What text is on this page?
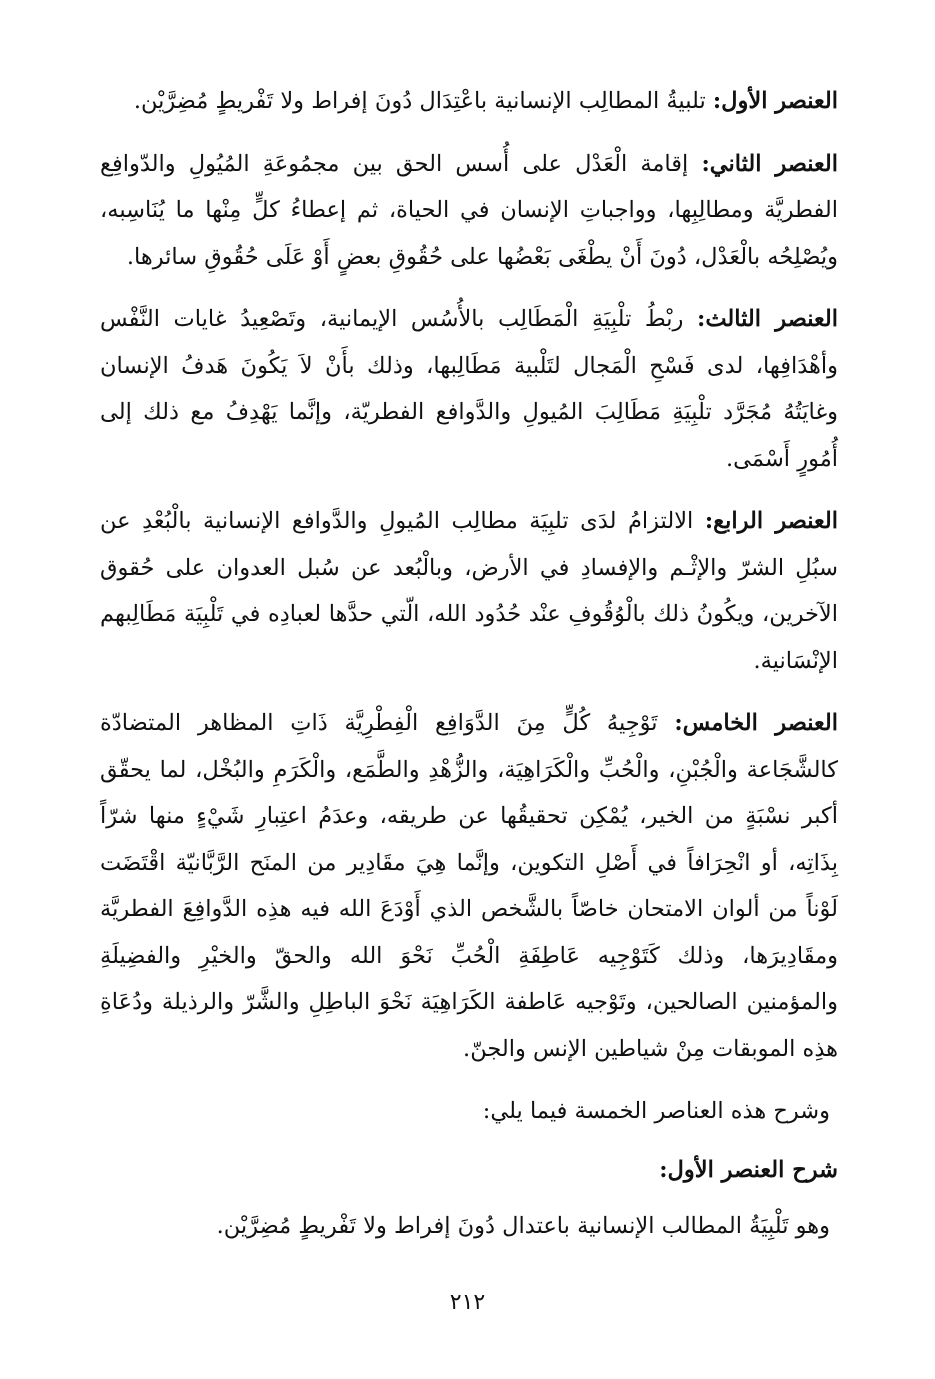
العنصر الأول: تلبيةُ المطالِب الإنسانية باعْتِدَال دُونَ إفراط ولا تَفْريطٍ مُضِرَّيْن.

العنصر الثاني: إقامة الْعَدْل على أُسس الحق بين مجمُوعَةِ المُيُولِ والدّوافِع الفطريَّة ومطالِبِها، وواجباتِ الإنسان في الحياة، ثم إعطاءُ كلٍّ مِنْها ما يُنَاسِبه، ويُصْلِحُه بالْعَدْل، دُونَ أَنْ يطْغَى بَعْضُها على حُقُوقِ بعضٍ أَوْ عَلَى حُقُوقِ سائرها.

العنصر الثالث: ربْطُ تلْبِيَةِ الْمَطَالِب بالأُسُس الإيمانية، وتَصْعِيدُ غايات النَّفْس وأهْدَافِها، لدى فَسْحِ الْمَجال لتَلْبية مَطَالِبها، وذلك بأَنْ لاَ يَكُونَ هَدفُ الإنسان وغايَتُهُ مُجَرَّد تلْبِيَةِ مَطَالِبَ المُيولِ والدَّوافع الفطريّة، وإنَّما يَهْدِفُ مع ذلك إلى أُمُورٍ أَسْمَى.

العنصر الرابع: الالتزامُ لدَى تلبِيَة مطالِب المُيولِ والدَّوافع الإنسانية بالْبُعْدِ عن سبُلِ الشرّ والإثْـم والإفسادِ في الأرض، وبالْبُعد عن سُبل العدوان على حُقوق الآخرين، ويكُونُ ذلك بالْوُقُوفِ عنْد حُدُود الله، الّتي حدَّها لعبادِه في تَلْبِيَة مَطَالِبهم الإنْسَانية.

العنصر الخامس: تَوْجِيهُ كُلٍّ مِنَ الدَّوَافِع الْفِطْرِيَّة ذَاتِ المظاهر المتضادّة كالشَّجَاعة والْجُبْنِ، والْحُبِّ والْكَرَاهِيَة، والزُّهْدِ والطَّمَع، والْكَرَمِ والبُخْل، لما يحقّق أكبر نسْبَةٍ من الخير، يُمْكِن تحقيقُها عن طريقه، وعدَمُ اعتِبارِ شَيْءٍ منها شرّاً بِذَاتِه، أو انْحِرَافاً في أَصْلِ التكوين، وإنَّما هِيَ مقَادِير من المنَح الرَّبَّانيّة اقْتَضَت لَوْناً من ألوان الامتحان خاصّاً بالشَّخص الذي أَوْدَعَ الله فيه هذِه الدَّوافِعَ الفطريَّة ومقَادِيرَها، وذلك كَتَوْجِيه عَاطِفَةِ الْحُبِّ نَحْوَ الله والحقّ والخيْرِ والفضِيلَةِ والمؤمنين الصالحين، وتَوْجيه عَاطفة الكَرَاهِيَة نَحْوَ الباطِلِ والشَّرّ والرذيلة ودُعَاةِ هذِه الموبقات مِنْ شياطين الإنس والجنّ.

وشرح هذه العناصر الخمسة فيما يلي:

شرح العنصر الأول:

وهو تَلْبِيَةُ المطالب الإنسانية باعتدال دُونَ إفراط ولا تَفْريطٍ مُضِرَّيْن.

٢١٢
